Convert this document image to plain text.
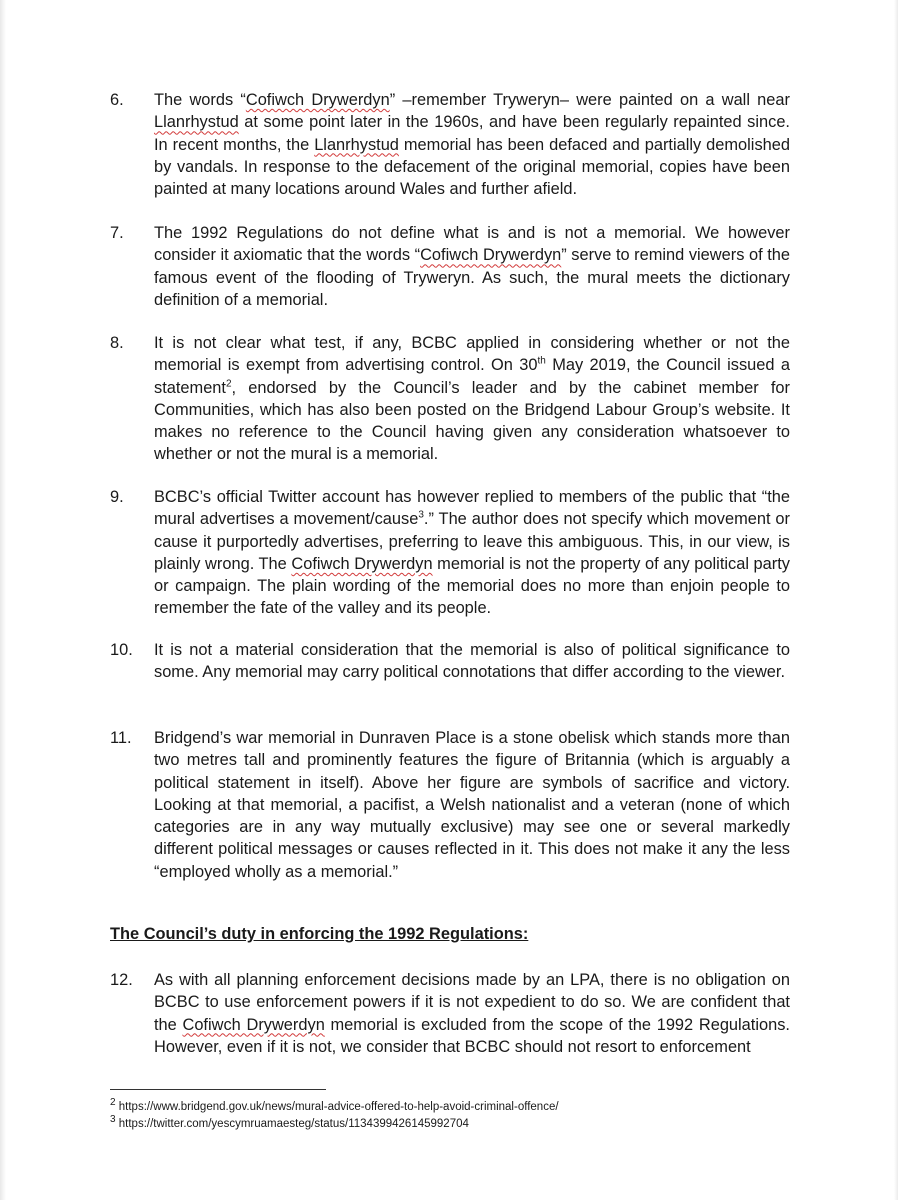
6. The words “Cofiwch Drywerdyn” –remember Tryweryn– were painted on a wall near Llanrhystud at some point later in the 1960s, and have been regularly repainted since. In recent months, the Llanrhystud memorial has been defaced and partially demolished by vandals. In response to the defacement of the original memorial, copies have been painted at many locations around Wales and further afield.
7. The 1992 Regulations do not define what is and is not a memorial. We however consider it axiomatic that the words “Cofiwch Drywerdyn” serve to remind viewers of the famous event of the flooding of Tryweryn. As such, the mural meets the dictionary definition of a memorial.
8. It is not clear what test, if any, BCBC applied in considering whether or not the memorial is exempt from advertising control. On 30th May 2019, the Council issued a statement$^2$, endorsed by the Council’s leader and by the cabinet member for Communities, which has also been posted on the Bridgend Labour Group’s website. It makes no reference to the Council having given any consideration whatsoever to whether or not the mural is a memorial.
9. BCBC’s official Twitter account has however replied to members of the public that “the mural advertises a movement/cause$^3$.” The author does not specify which movement or cause it purportedly advertises, preferring to leave this ambiguous. This, in our view, is plainly wrong. The Cofiwch Drywerdyn memorial is not the property of any political party or campaign. The plain wording of the memorial does no more than enjoin people to remember the fate of the valley and its people.
10. It is not a material consideration that the memorial is also of political significance to some. Any memorial may carry political connotations that differ according to the viewer.
11. Bridgend’s war memorial in Dunraven Place is a stone obelisk which stands more than two metres tall and prominently features the figure of Britannia (which is arguably a political statement in itself). Above her figure are symbols of sacrifice and victory. Looking at that memorial, a pacifist, a Welsh nationalist and a veteran (none of which categories are in any way mutually exclusive) may see one or several markedly different political messages or causes reflected in it. This does not make it any the less “employed wholly as a memorial.”
The Council’s duty in enforcing the 1992 Regulations:
12. As with all planning enforcement decisions made by an LPA, there is no obligation on BCBC to use enforcement powers if it is not expedient to do so. We are confident that the Cofiwch Drywerdyn memorial is excluded from the scope of the 1992 Regulations. However, even if it is not, we consider that BCBC should not resort to enforcement
$^2$ https://www.bridgend.gov.uk/news/mural-advice-offered-to-help-avoid-criminal-offence/
$^3$ https://twitter.com/yescymruamaesteg/status/1134399426145992704
